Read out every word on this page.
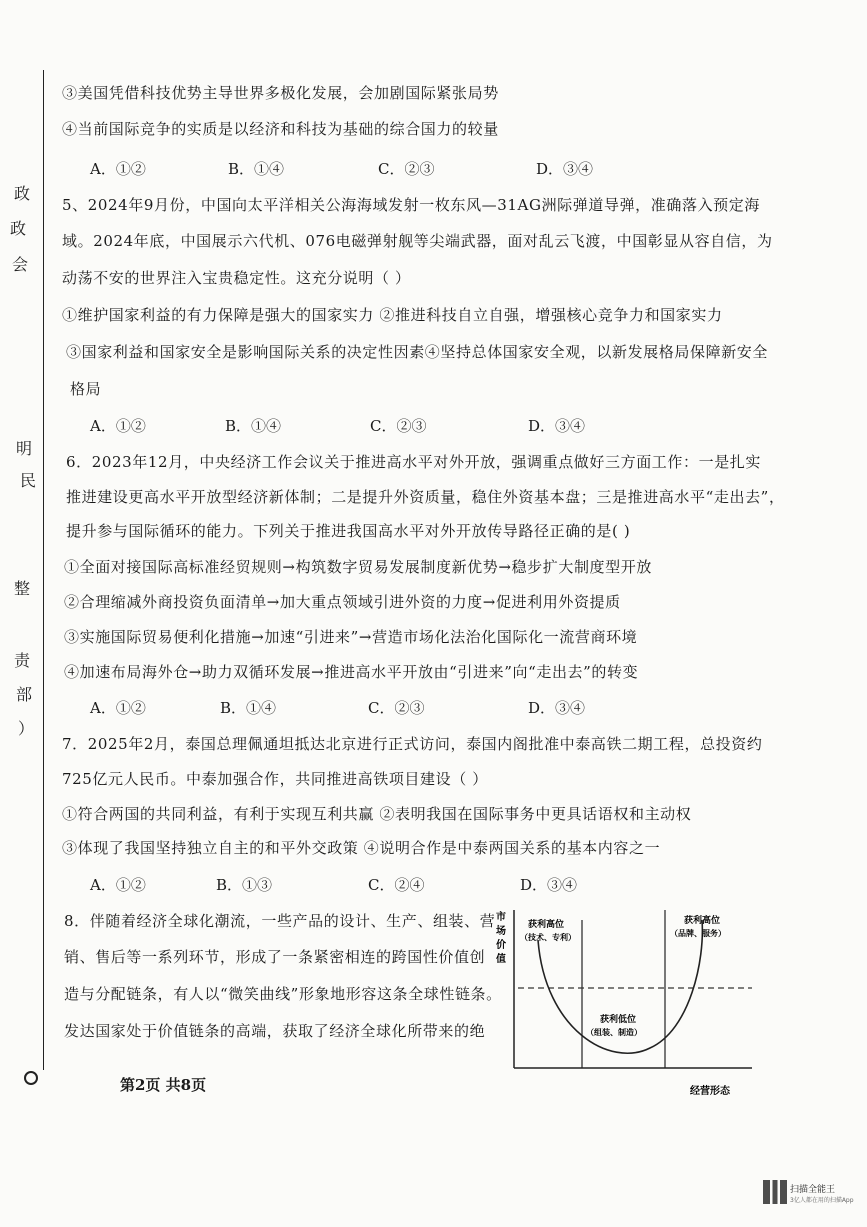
政
政
会
明
民
整
责
部
）
③美国凭借科技优势主导世界多极化发展，会加剧国际紧张局势
④当前国际竞争的实质是以经济和科技为基础的综合国力的较量
A．①②	B．①④	C．②③	D．③④
5、2024年9月份，中国向太平洋相关公海海域发射一枚东风—31AG洲际弹道导弹，准确落入预定海
域。2024年底，中国展示六代机、076电磁弹射舰等尖端武器，面对乱云飞渡，中国彰显从容自信，为
动荡不安的世界注入宝贵稳定性。这充分说明（ ）
①维护国家利益的有力保障是强大的国家实力 ②推进科技自立自强，增强核心竞争力和国家实力
③国家利益和国家安全是影响国际关系的决定性因素④坚持总体国家安全观，以新发展格局保障新安全
格局
A．①②	B．①④	C．②③	D．③④
6．2023年12月，中央经济工作会议关于推进高水平对外开放，强调重点做好三方面工作：一是扎实
推进建设更高水平开放型经济新体制；二是提升外资质量，稳住外资基本盘；三是推进高水平“走出去”，
提升参与国际循环的能力。下列关于推进我国高水平对外开放传导路径正确的是( )
①全面对接国际高标准经贸规则→构筑数字贸易发展制度新优势→稳步扩大制度型开放
②合理缩减外商投资负面清单→加大重点领域引进外资的力度→促进利用外资提质
③实施国际贸易便利化措施→加速“引进来”→营造市场化法治化国际化一流营商环境
④加速布局海外仓→助力双循环发展→推进高水平开放由“引进来”向“走出去”的转变
A．①②	B．①④	C．②③	D．③④
7．2025年2月，泰国总理佩通坦抵达北京进行正式访问，泰国内阁批准中泰高铁二期工程，总投资约
725亿元人民币。中泰加强合作，共同推进高铁项目建设（ ）
①符合两国的共同利益，有利于实现互利共赢 ②表明我国在国际事务中更具话语权和主动权
③体现了我国坚持独立自主的和平外交政策 ④说明合作是中泰两国关系的基本内容之一
A．①②	B．①③	C．②④	D．③④
8．伴随着经济全球化潮流，一些产品的设计、生产、组装、营
销、售后等一系列环节，形成了一条紧密相连的跨国性价值创
造与分配链条，有人以“微笑曲线”形象地形容这条全球性链条。
发达国家处于价值链条的高端，获取了经济全球化所带来的绝
市
场
价
值
获利高位
（技术、专利）
获利高位
（品牌、服务）
获利低位
（组装、制造）
经营形态
第2页 共8页
扫描全能王
3亿人都在用的扫描App
